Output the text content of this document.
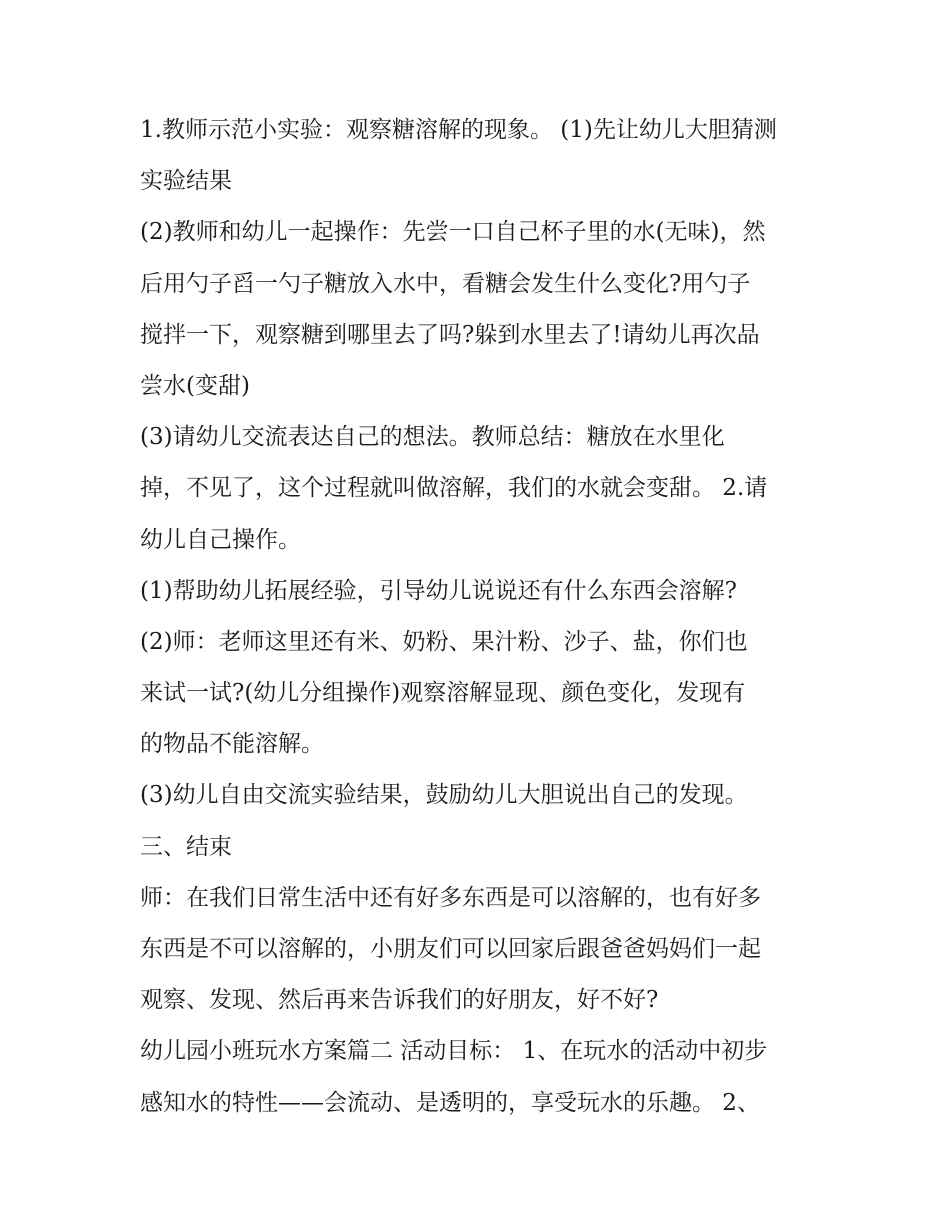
1.教师示范小实验：观察糖溶解的现象。 (1)先让幼儿大胆猜测
实验结果
(2)教师和幼儿一起操作：先尝一口自己杯子里的水(无味)，然
后用勺子舀一勺子糖放入水中，看糖会发生什么变化?用勺子
搅拌一下，观察糖到哪里去了吗?躲到水里去了!请幼儿再次品
尝水(变甜)
(3)请幼儿交流表达自己的想法。教师总结：糖放在水里化
掉，不见了，这个过程就叫做溶解，我们的水就会变甜。 2.请
幼儿自己操作。
(1)帮助幼儿拓展经验，引导幼儿说说还有什么东西会溶解?
(2)师：老师这里还有米、奶粉、果汁粉、沙子、盐，你们也
来试一试?(幼儿分组操作)观察溶解显现、颜色变化，发现有
的物品不能溶解。
(3)幼儿自由交流实验结果，鼓励幼儿大胆说出自己的发现。
三、结束
师：在我们日常生活中还有好多东西是可以溶解的，也有好多
东西是不可以溶解的，小朋友们可以回家后跟爸爸妈妈们一起
观察、发现、然后再来告诉我们的好朋友，好不好?
幼儿园小班玩水方案篇二 活动目标： 1、在玩水的活动中初步
感知水的特性——会流动、是透明的，享受玩水的乐趣。 2、
